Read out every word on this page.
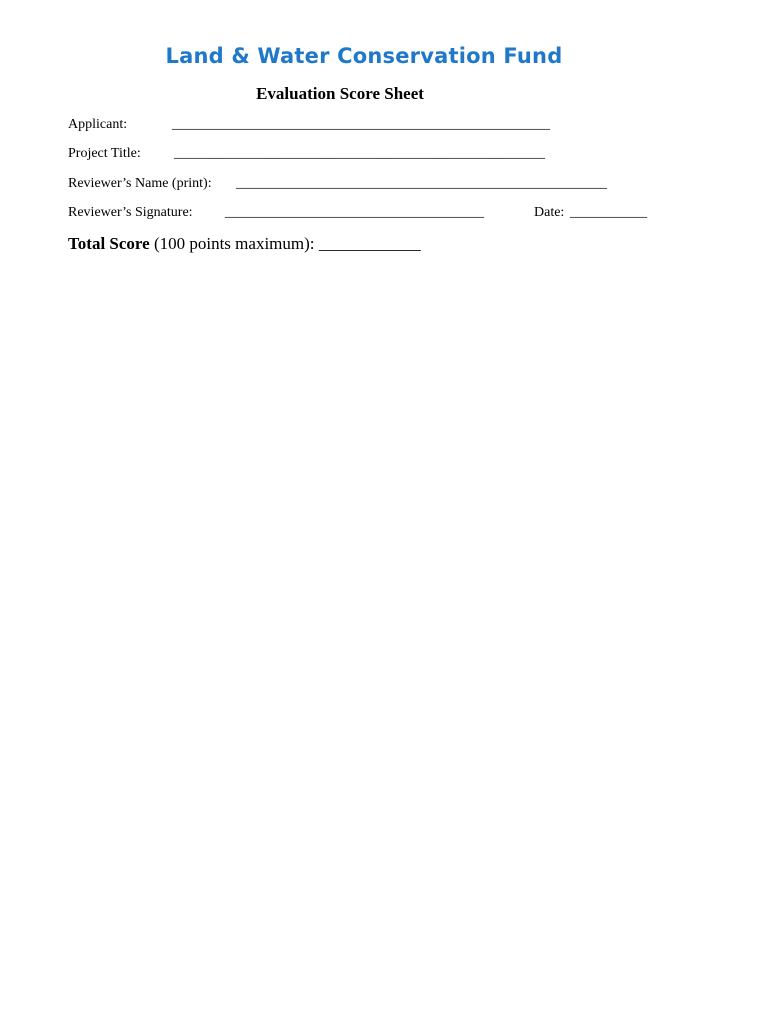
Land & Water Conservation Fund
Evaluation Score Sheet
Applicant:	______________________________________________________
Project Title: _____________________________________________________
Reviewer’s Name (print): _____________________________________________________
Reviewer’s Signature: _____________________________________	Date: ___________
Total Score (100 points maximum): ____________
